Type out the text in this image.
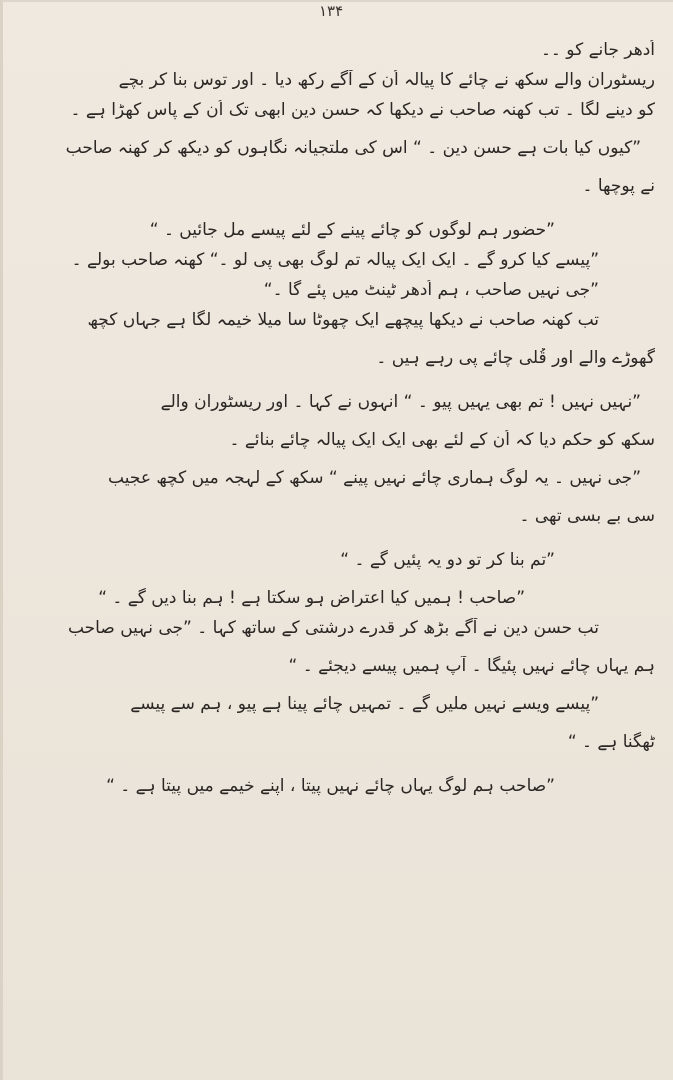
۱۳۴
اُدھر جانے کو ۔۔
ریسٹوران والے سکھ نے چائے کا پیالہ اُن کے آگے رکھ دیا ۔ اور توس بنا کر بچے
کو دینے لگا ۔ تب کھنہ صاحب نے دیکھا کہ حسن دین ابھی تک اُن کے پاس کھڑا ہے ۔
”کیوں کیا بات ہے حسن دین ۔ “ اس کی ملتجیانہ نگاہوں کو دیکھ کر کھنہ صاحب
نے پوچھا ۔
”حضور ہم لوگوں کو چائے پینے کے لئے پیسے مل جائیں ۔ “
”پیسے کیا کرو گے ۔ ایک ایک پیالہ تم لوگ بھی پی لو ۔“ کھنہ صاحب بولے ۔
”جی نہیں صاحب ، ہم اُدھر ٹینٹ میں پئے گا ۔“
تب کھنہ صاحب نے دیکھا پیچھے ایک چھوٹا سا میلا خیمہ لگا ہے جہاں کچھ
گھوڑے والے اور قُلی چائے پی رہے ہیں ۔
”نہیں نہیں ! تم بھی یہیں پیو ۔ “ انہوں نے کہا ۔ اور ریسٹوران والے
سکھ کو حکم دیا کہ اُن کے لئے بھی ایک ایک پیالہ چائے بنائے ۔
”جی نہیں ۔ یہ لوگ ہماری چائے نہیں پینے “ سکھ کے لہجہ میں کچھ عجیب
سی بے بسی تھی ۔
”تم بنا کر تو دو یہ پئیں گے ۔ “
”صاحب ! ہمیں کیا اعتراض ہو سکتا ہے ! ہم بنا دیں گے ۔ “
تب حسن دین نے آگے بڑھ کر قدرے درشتی کے ساتھ کہا ۔ ”جی نہیں صاحب
ہم یہاں چائے نہیں پئیگا ۔ آپ ہمیں پیسے دیجئے ۔ “
”پیسے ویسے نہیں ملیں گے ۔ تمہیں چائے پینا ہے پیو ، ہم سے پیسے
ٹھگنا ہے ۔ “
”صاحب ہم لوگ یہاں چائے نہیں پیتا ، اپنے خیمے میں پیتا ہے ۔ “
